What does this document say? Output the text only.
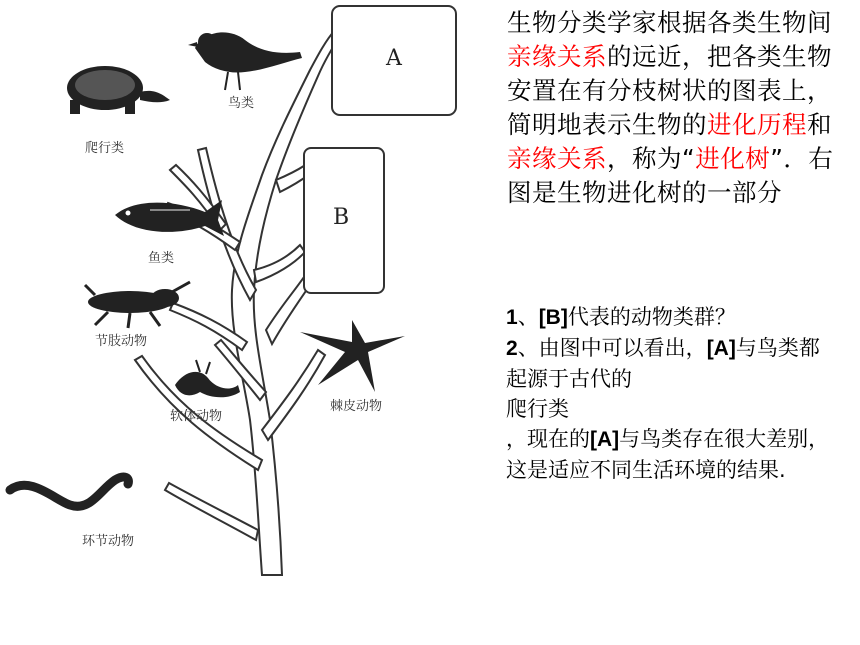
A
B
爬行类
鸟类
鱼类
节肢动物
软体动物
棘皮动物
环节动物
生物分类学家根据各类生物间亲缘关系的远近，把各类生物安置在有分枝树状的图表上，简明地表示生物的进化历程和亲缘关系，称为“进化树”．右图是生物进化树的一部分

1、[B]代表的动物类群？

2、由图中可以看出，[A]与鸟类都起源于古代的

爬行类

，现在的[A]与鸟类存在很大差别，这是适应不同生活环境的结果.
